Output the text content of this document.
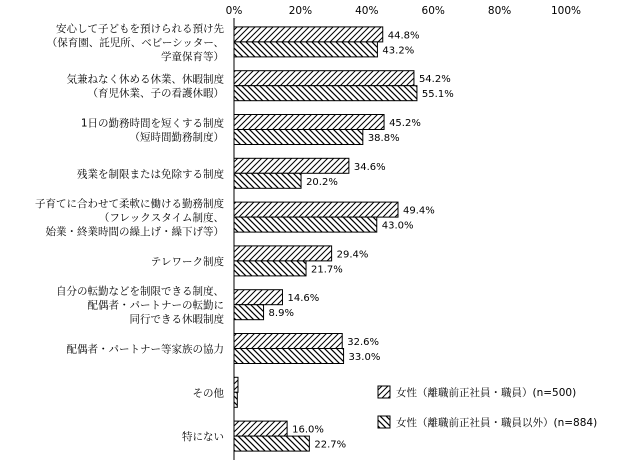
0%	20%	40%	60%	80%	100%
44.8%
43.2%
54.2%
55.1%
45.2%
38.8%
34.6%
20.2%
49.4%
43.0%
29.4%
21.7%
14.6%
8.9%
32.6%
33.0%
16.0%
22.7%
安心して子どもを預けられる預け先
（保育園、託児所、ベビーシッター、
学童保育等）
気兼ねなく休める休業、休暇制度
（育児休業、子の看護休暇）
1日の勤務時間を短くする制度
（短時間勤務制度）
残業を制限または免除する制度
子育てに合わせて柔軟に働ける勤務制度
（フレックスタイム制度、
始業・終業時間の繰上げ・繰下げ等）
テレワーク制度
自分の転勤などを制限できる制度、
配偶者・パートナーの転勤に
同行できる休暇制度
配偶者・パートナー等家族の協力
その他
特にない
女性（離職前正社員・職員）(n=500)
女性（離職前正社員・職員以外）(n=884)
